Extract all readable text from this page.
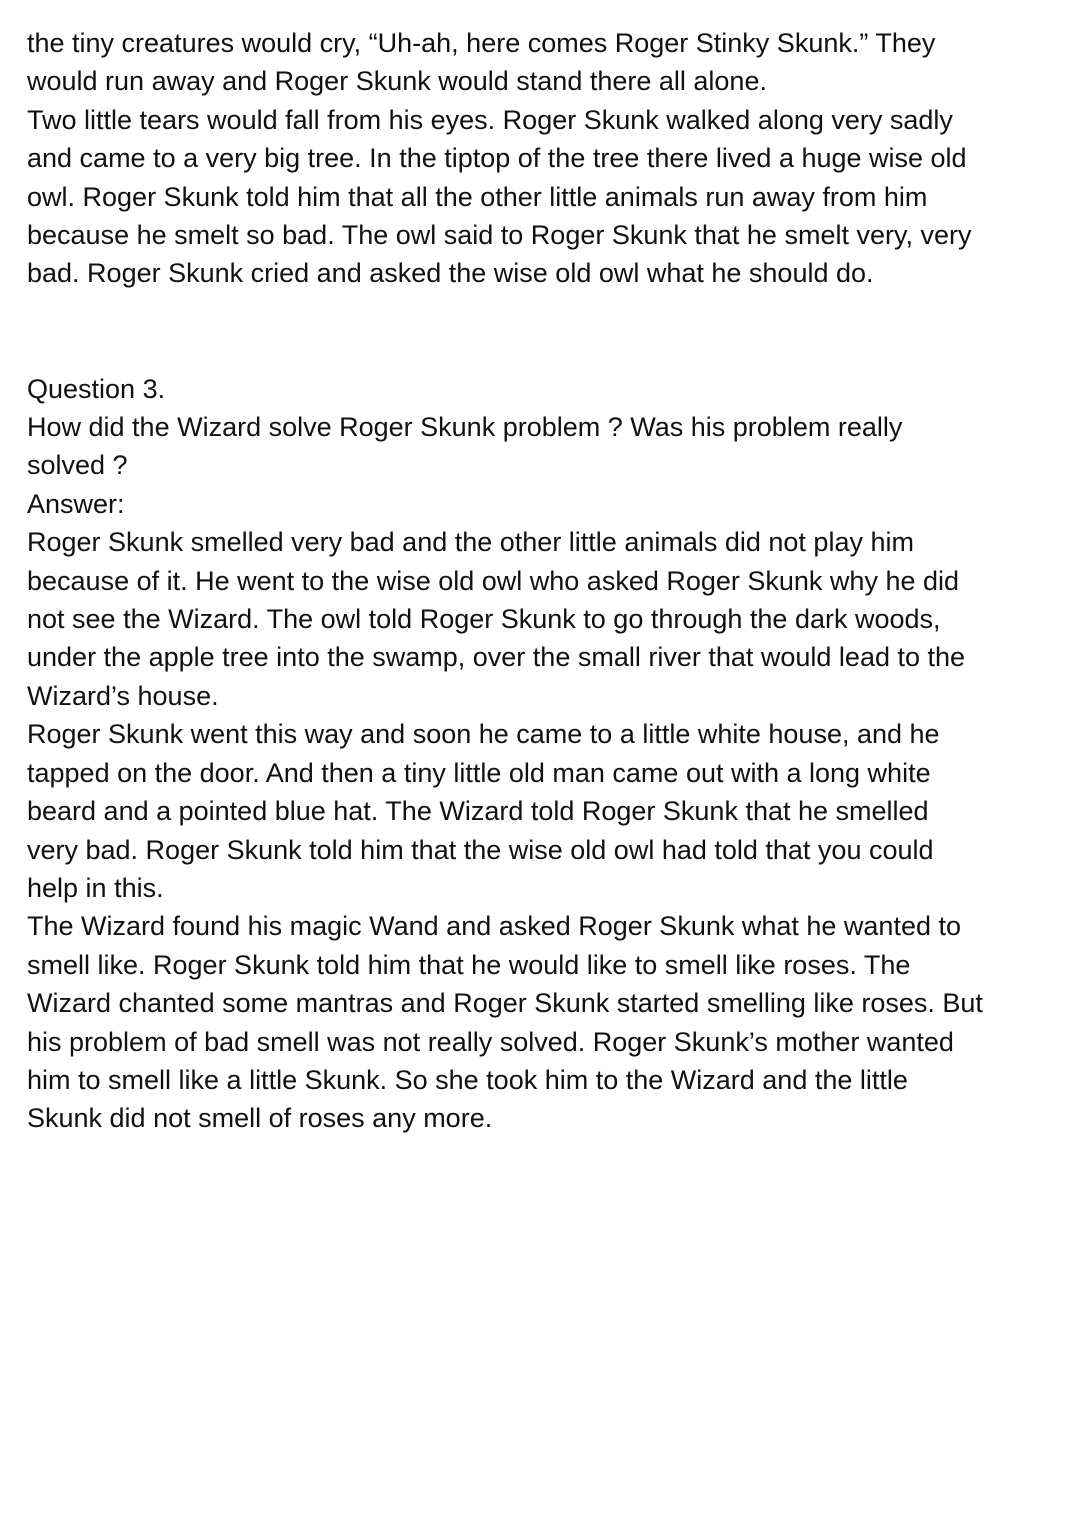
the tiny creatures would cry, “Uh-ah, here comes Roger Stinky Skunk.” They
would run away and Roger Skunk would stand there all alone.
Two little tears would fall from his eyes. Roger Skunk walked along very sadly
and came to a very big tree. In the tiptop of the tree there lived a huge wise old
owl. Roger Skunk told him that all the other little animals run away from him
because he smelt so bad. The owl said to Roger Skunk that he smelt very, very
bad. Roger Skunk cried and asked the wise old owl what he should do.
Question 3.
How did the Wizard solve Roger Skunk problem ? Was his problem really
solved ?
Answer:
Roger Skunk smelled very bad and the other little animals did not play him
because of it. He went to the wise old owl who asked Roger Skunk why he did
not see the Wizard. The owl told Roger Skunk to go through the dark woods,
under the apple tree into the swamp, over the small river that would lead to the
Wizard’s house.
Roger Skunk went this way and soon he came to a little white house, and he
tapped on the door. And then a tiny little old man came out with a long white
beard and a pointed blue hat. The Wizard told Roger Skunk that he smelled
very bad. Roger Skunk told him that the wise old owl had told that you could
help in this.
The Wizard found his magic Wand and asked Roger Skunk what he wanted to
smell like. Roger Skunk told him that he would like to smell like roses. The
Wizard chanted some mantras and Roger Skunk started smelling like roses. But
his problem of bad smell was not really solved. Roger Skunk’s mother wanted
him to smell like a little Skunk. So she took him to the Wizard and the little
Skunk did not smell of roses any more.
